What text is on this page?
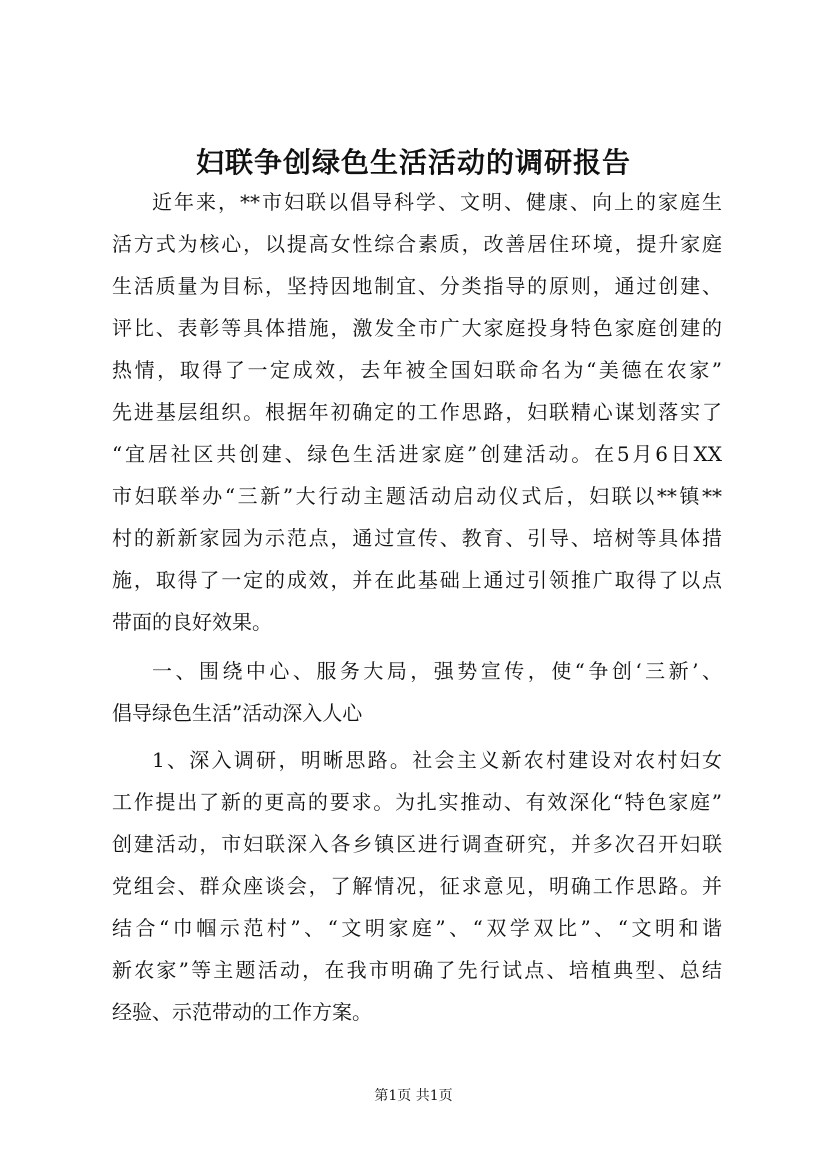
妇联争创绿色生活活动的调研报告

近年来，**市妇联以倡导科学、文明、健康、向上的家庭生

活方式为核心，以提高女性综合素质，改善居住环境，提升家庭

生活质量为目标，坚持因地制宜、分类指导的原则，通过创建、

评比、表彰等具体措施，激发全市广大家庭投身特色家庭创建的

热情，取得了一定成效，去年被全国妇联命名为“美德在农家”

先进基层组织。根据年初确定的工作思路，妇联精心谋划落实了

“宜居社区共创建、绿色生活进家庭”创建活动。在5月6日XX

市妇联举办“三新”大行动主题活动启动仪式后，妇联以**镇**

村的新新家园为示范点，通过宣传、教育、引导、培树等具体措

施，取得了一定的成效，并在此基础上通过引领推广取得了以点

带面的良好效果。

一、围绕中心、服务大局，强势宣传，使“争创‘三新’、

倡导绿色生活”活动深入人心

1、深入调研，明晰思路。社会主义新农村建设对农村妇女

工作提出了新的更高的要求。为扎实推动、有效深化“特色家庭”

创建活动，市妇联深入各乡镇区进行调查研究，并多次召开妇联

党组会、群众座谈会，了解情况，征求意见，明确工作思路。并

结合“巾帼示范村”、“文明家庭”、“双学双比”、“文明和谐

新农家”等主题活动，在我市明确了先行试点、培植典型、总结

经验、示范带动的工作方案。

第1页 共1页
